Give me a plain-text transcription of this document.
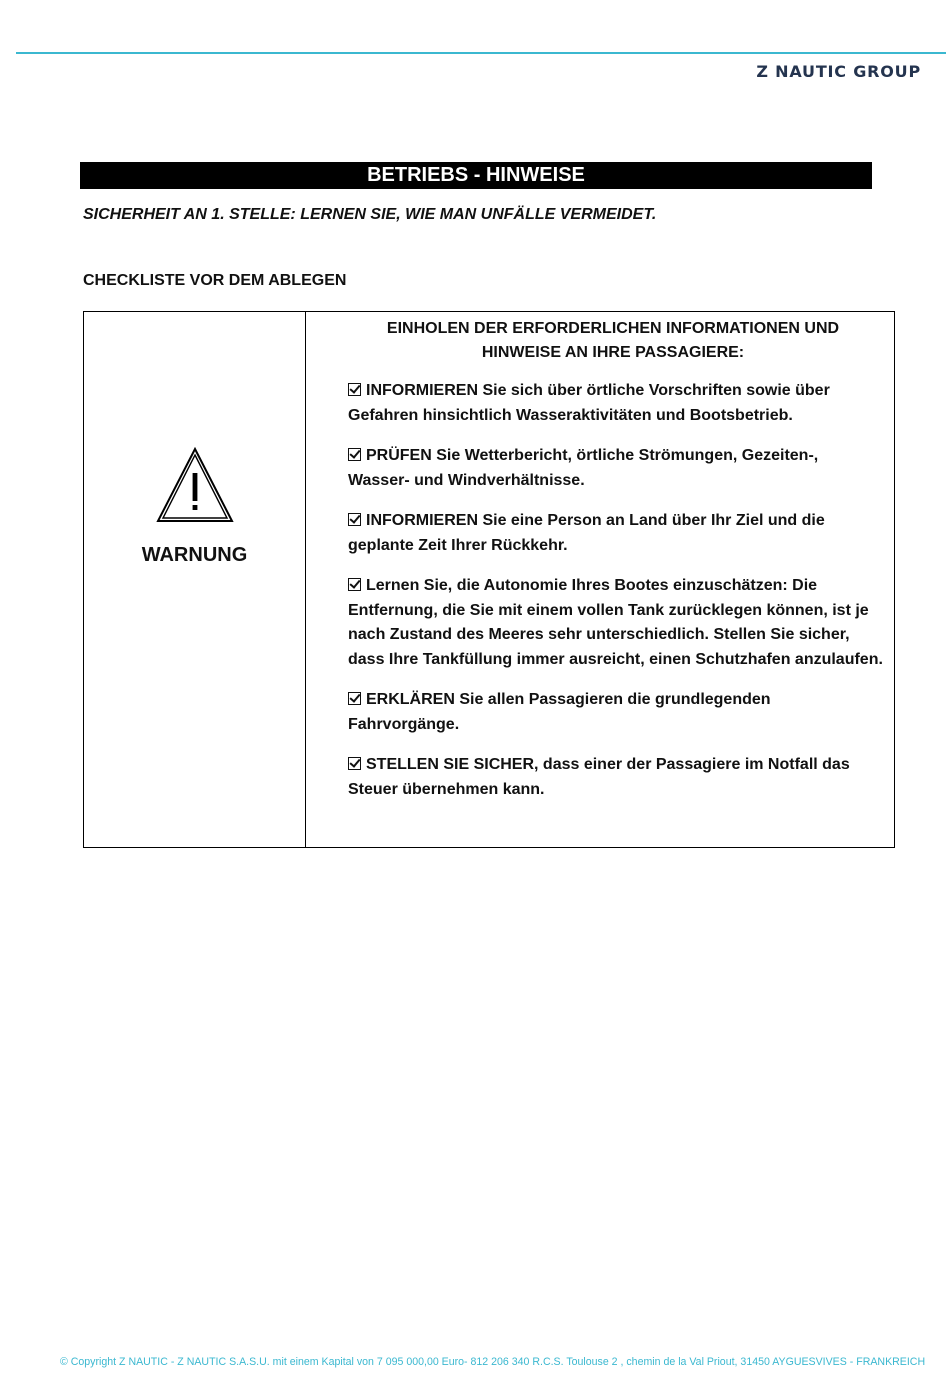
Z NAUTIC GROUP
BETRIEBS - HINWEISE
SICHERHEIT AN 1. STELLE: LERNEN SIE, WIE MAN UNFÄLLE VERMEIDET.
CHECKLISTE VOR DEM ABLEGEN
WARNUNG
EINHOLEN DER ERFORDERLICHEN INFORMATIONEN UND
HINWEISE AN IHRE PASSAGIERE:
INFORMIEREN Sie sich über örtliche Vorschriften sowie über Gefahren hinsichtlich Wasseraktivitäten und Bootsbetrieb.
PRÜFEN Sie Wetterbericht, örtliche Strömungen, Gezeiten-, Wasser- und Windverhältnisse.
INFORMIEREN Sie eine Person an Land über Ihr Ziel und die geplante Zeit Ihrer Rückkehr.
Lernen Sie, die Autonomie Ihres Bootes einzuschätzen: Die Entfernung, die Sie mit einem vollen Tank zurücklegen können, ist je nach Zustand des Meeres sehr unterschiedlich. Stellen Sie sicher, dass Ihre Tankfüllung immer ausreicht, einen Schutzhafen anzulaufen.
ERKLÄREN Sie allen Passagieren die grundlegenden Fahrvorgänge.
STELLEN SIE SICHER, dass einer der Passagiere im Notfall das Steuer übernehmen kann.
© Copyright Z NAUTIC - Z NAUTIC S.A.S.U. mit einem Kapital von 7 095 000,00 Euro- 812 206 340 R.C.S. Toulouse 2 , chemin de la Val Priout, 31450 AYGUESVIVES - FRANKREICH
